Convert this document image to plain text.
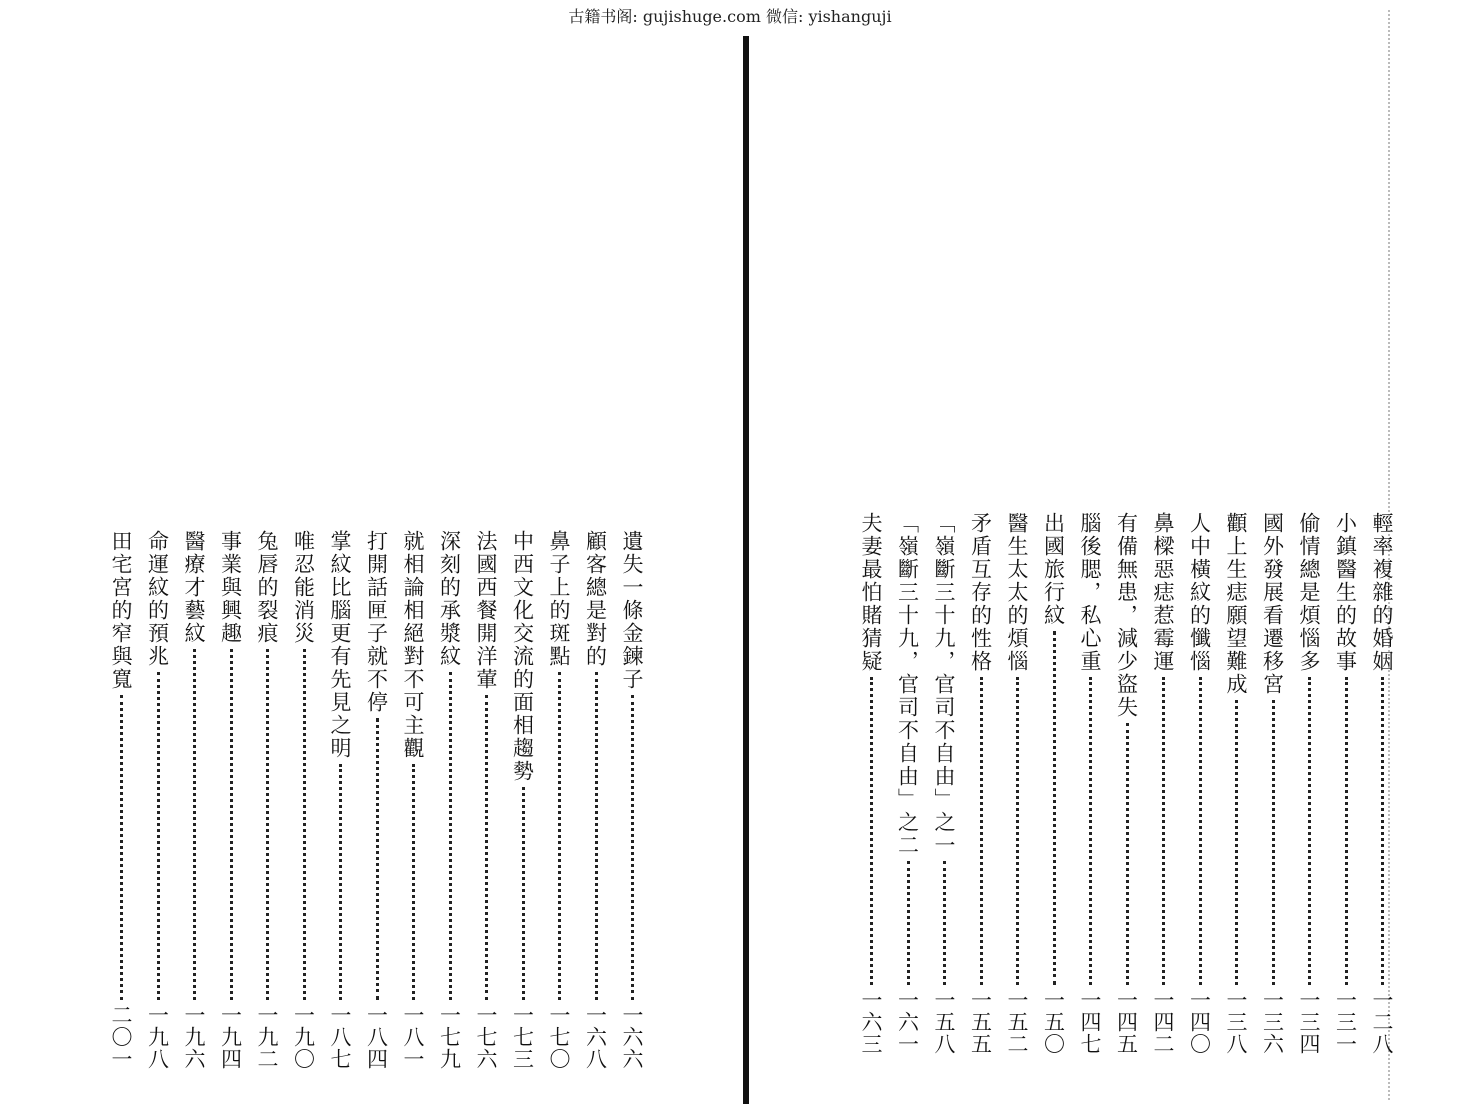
古籍书阁: gujishuge.com 微信: yishanguji
遺失一條金鍊子
一六六
顧客總是對的
一六八
鼻子上的斑點
一七〇
中西文化交流的面相趨勢
一七三
法國西餐開洋葷
一七六
深刻的承漿紋
一七九
就相論相絕對不可主觀
一八一
打開話匣子就不停
一八四
掌紋比腦更有先見之明
一八七
唯忍能消災
一九〇
兔唇的裂痕
一九二
事業與興趣
一九四
醫療才藝紋
一九六
命運紋的預兆
一九八
田宅宮的窄與寬
二〇一
輕率複雜的婚姻
一二八
小鎮醫生的故事
一三一
偷情總是煩惱多
一三四
國外發展看遷移宮
一三六
顴上生痣願望難成
一三八
人中橫紋的懺惱
一四〇
鼻樑惡痣惹霉運
一四二
有備無患，減少盜失
一四五
腦後腮，私心重
一四七
出國旅行紋
一五〇
醫生太太的煩惱
一五二
矛盾互存的性格
一五五
「嶺斷三十九，官司不自由」之一
一五八
「嶺斷三十九，官司不自由」之二
一六一
夫妻最怕賭猜疑
一六三
